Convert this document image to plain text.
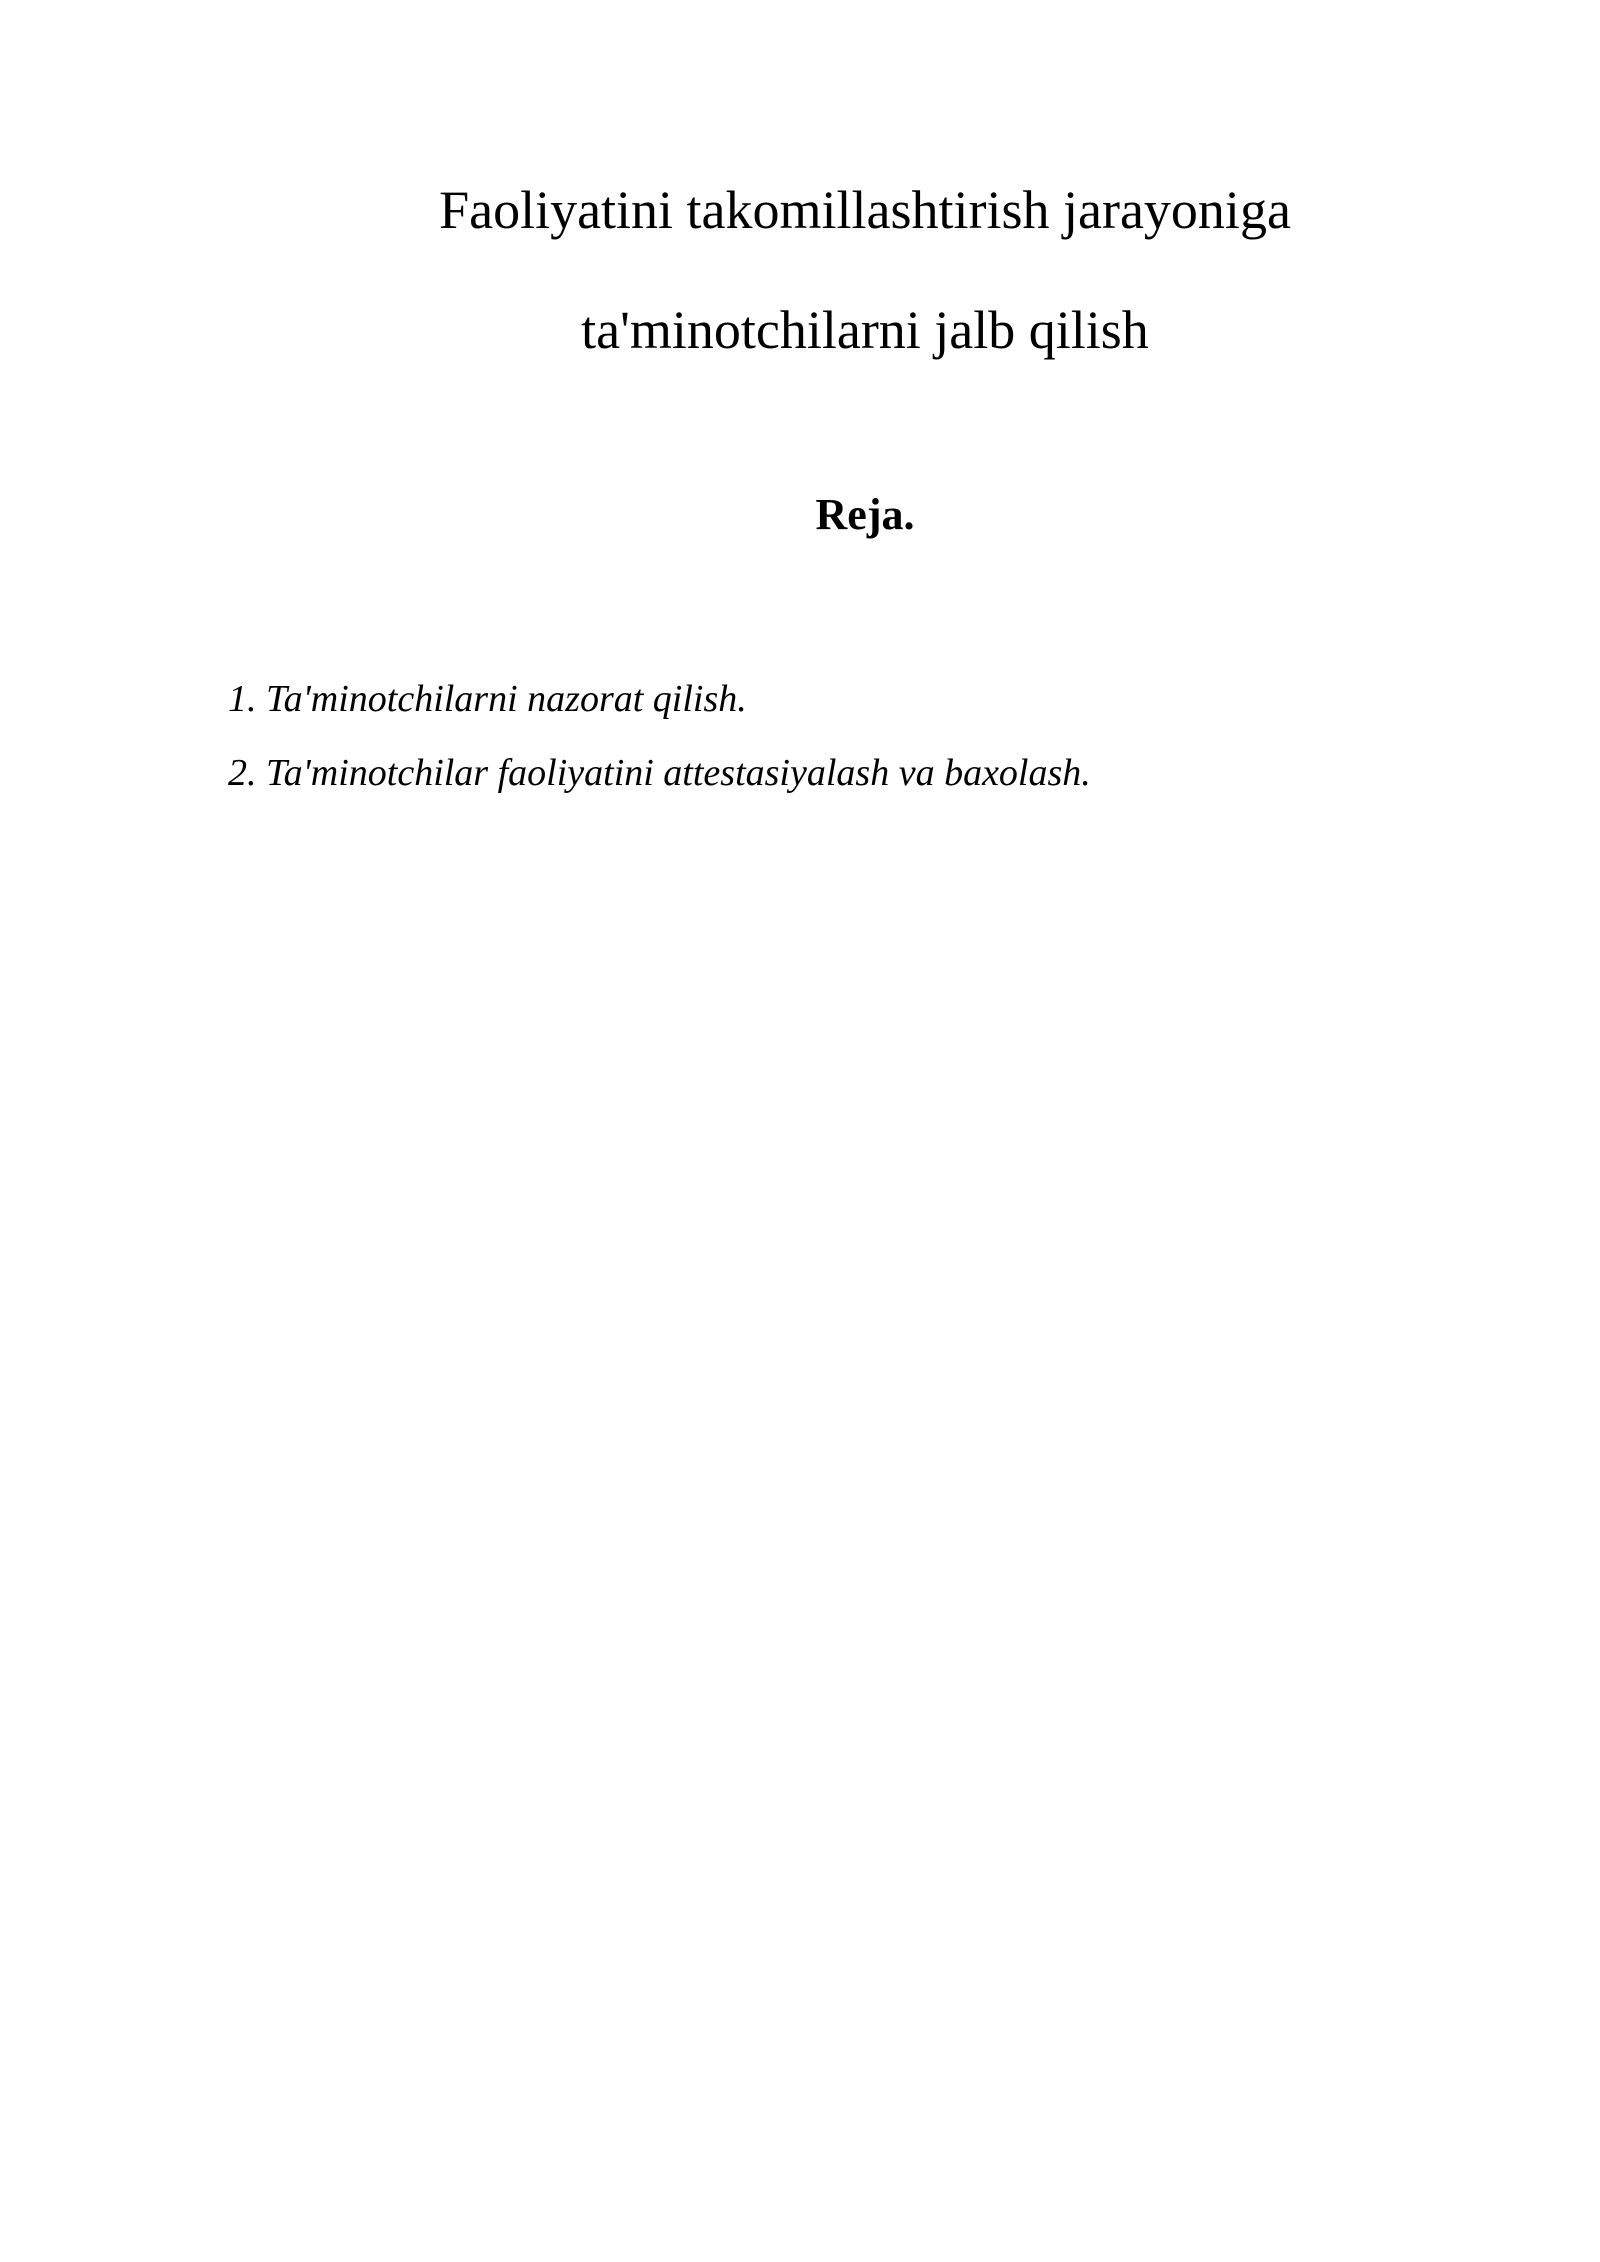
Faoliyatini takomillashtirish jarayoniga
ta'minotchilarni jalb qilish
Reja.
1. Ta'minotchilarni nazorat qilish.
2. Ta'minotchilar faoliyatini attestasiyalash va baxolash.
